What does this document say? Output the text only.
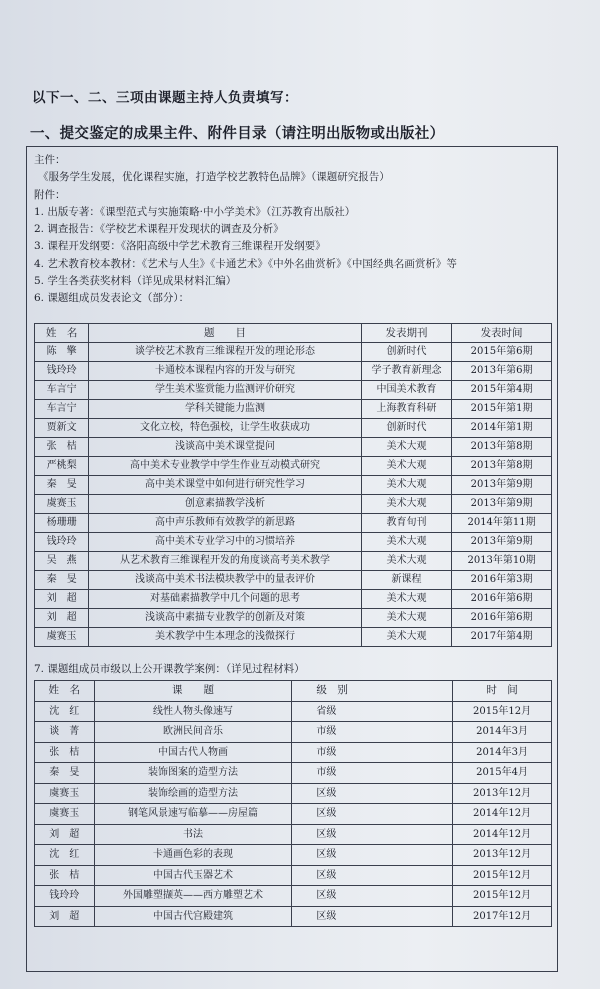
以下一、二、三项由课题主持人负责填写：
一、提交鉴定的成果主件、附件目录（请注明出版物或出版社）
主件：
《服务学生发展，优化课程实施，打造学校艺教特色品牌》（课题研究报告）
附件：
1. 出版专著：《课型范式与实施策略·中小学美术》（江苏教育出版社）
2. 调查报告：《学校艺术课程开发现状的调查及分析》
3. 课程开发纲要：《洛阳高级中学艺术教育三维课程开发纲要》
4. 艺术教育校本教材：《艺术与人生》《卡通艺术》《中外名曲赏析》《中国经典名画赏析》等
5. 学生各类获奖材料（详见成果材料汇编）
6. 课题组成员发表论文（部分）：
姓　名	题　　目	发表期刊	发表时间
陈　擎	谈学校艺术教育三维课程开发的理论形态	创新时代	2015年第6期
钱玲玲	卡通校本课程内容的开发与研究	学子教育新理念	2013年第6期
车言宁	学生美术鉴赏能力监测评价研究	中国美术教育	2015年第4期
车言宁	学科关键能力监测	上海教育科研	2015年第1期
贾新文	文化立校，特色强校，让学生收获成功	创新时代	2014年第1期
张　桔	浅谈高中美术课堂提问	美术大观	2013年第8期
严桃梨	高中美术专业教学中学生作业互动模式研究	美术大观	2013年第8期
秦　旻	高中美术课堂中如何进行研究性学习	美术大观	2013年第9期
虞赛玉	创意素描教学浅析	美术大观	2013年第9期
杨珊珊	高中声乐教师有效教学的新思路	教育旬刊	2014年第11期
钱玲玲	高中美术专业学习中的习惯培养	美术大观	2013年第9期
吴　燕	从艺术教育三维课程开发的角度谈高考美术教学	美术大观	2013年第10期
秦　旻	浅谈高中美术书法模块教学中的量表评价	新课程	2016年第3期
刘　超	对基础素描教学中几个问题的思考	美术大观	2016年第6期
刘　超	浅谈高中素描专业教学的创新及对策	美术大观	2016年第6期
虞赛玉	美术教学中生本理念的浅微探行	美术大观	2017年第4期
7. 课题组成员市级以上公开课教学案例：（详见过程材料）
姓　名	课　　题	级　别	时　间
沈　红	线性人物头像速写	省级	2015年12月
谈　菁	欧洲民间音乐	市级	2014年3月
张　桔	中国古代人物画	市级	2014年3月
秦　旻	装饰图案的造型方法	市级	2015年4月
虞赛玉	装饰绘画的造型方法	区级	2013年12月
虞赛玉	钢笔风景速写临摹——房屋篇	区级	2014年12月
刘　超	书法	区级	2014年12月
沈　红	卡通画色彩的表现	区级	2013年12月
张　桔	中国古代玉器艺术	区级	2015年12月
钱玲玲	外国雕塑撷英——西方雕塑艺术	区级	2015年12月
刘　超	中国古代宫殿建筑	区级	2017年12月
